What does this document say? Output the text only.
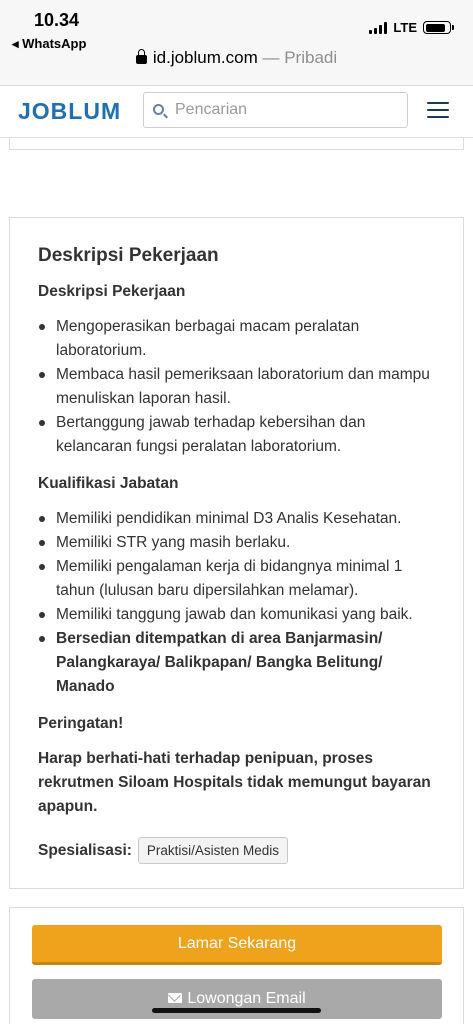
10.34
◂ WhatsApp
LTE
id.joblum.com — Pribadi
JOBLUM
Pencarian
Deskripsi Pekerjaan
Deskripsi Pekerjaan
Mengoperasikan berbagai macam peralatan laboratorium.
Membaca hasil pemeriksaan laboratorium dan mampu menuliskan laporan hasil.
Bertanggung jawab terhadap kebersihan dan kelancaran fungsi peralatan laboratorium.
Kualifikasi Jabatan
Memiliki pendidikan minimal D3 Analis Kesehatan.
Memiliki STR yang masih berlaku.
Memiliki pengalaman kerja di bidangnya minimal 1 tahun (lulusan baru dipersilahkan melamar).
Memiliki tanggung jawab dan komunikasi yang baik.
Bersedian ditempatkan di area Banjarmasin/ Palangkaraya/ Balikpapan/ Bangka Belitung/ Manado
Peringatan!
Harap berhati-hati terhadap penipuan, proses rekrutmen Siloam Hospitals tidak memungut bayaran apapun.
Spesialisasi:	Praktisi/Asisten Medis
Lamar Sekarang
Lowongan Email
